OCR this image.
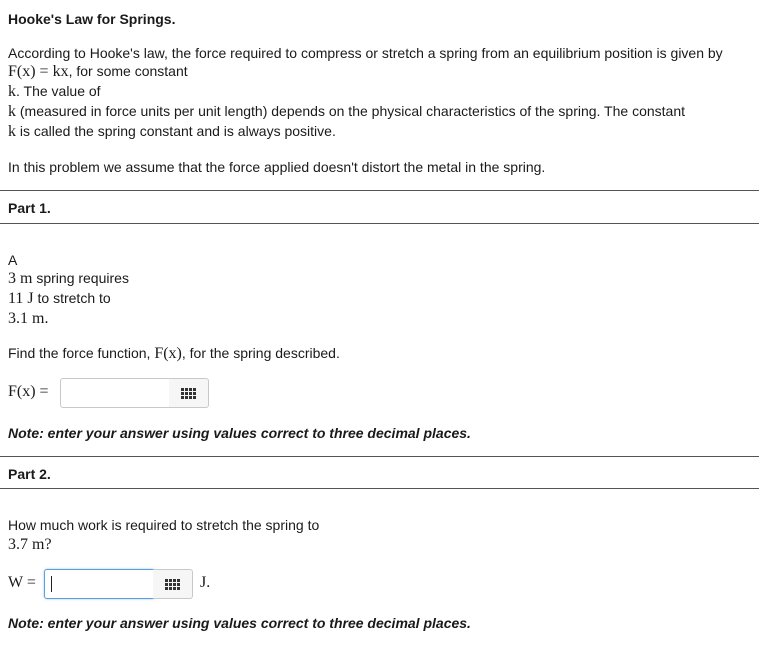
Hooke's Law for Springs.
According to Hooke's law, the force required to compress or stretch a spring from an equilibrium position is given by
F(x) = kx, for some constant
k. The value of
k (measured in force units per unit length) depends on the physical characteristics of the spring. The constant
k is called the spring constant and is always positive.
In this problem we assume that the force applied doesn't distort the metal in the spring.
Part 1.
A
3 m spring requires
11 J to stretch to
3.1 m.
Find the force function, F(x), for the spring described.
F(x) =
Note: enter your answer using values correct to three decimal places.
Part 2.
How much work is required to stretch the spring to
3.7 m?
W =	J.
Note: enter your answer using values correct to three decimal places.
